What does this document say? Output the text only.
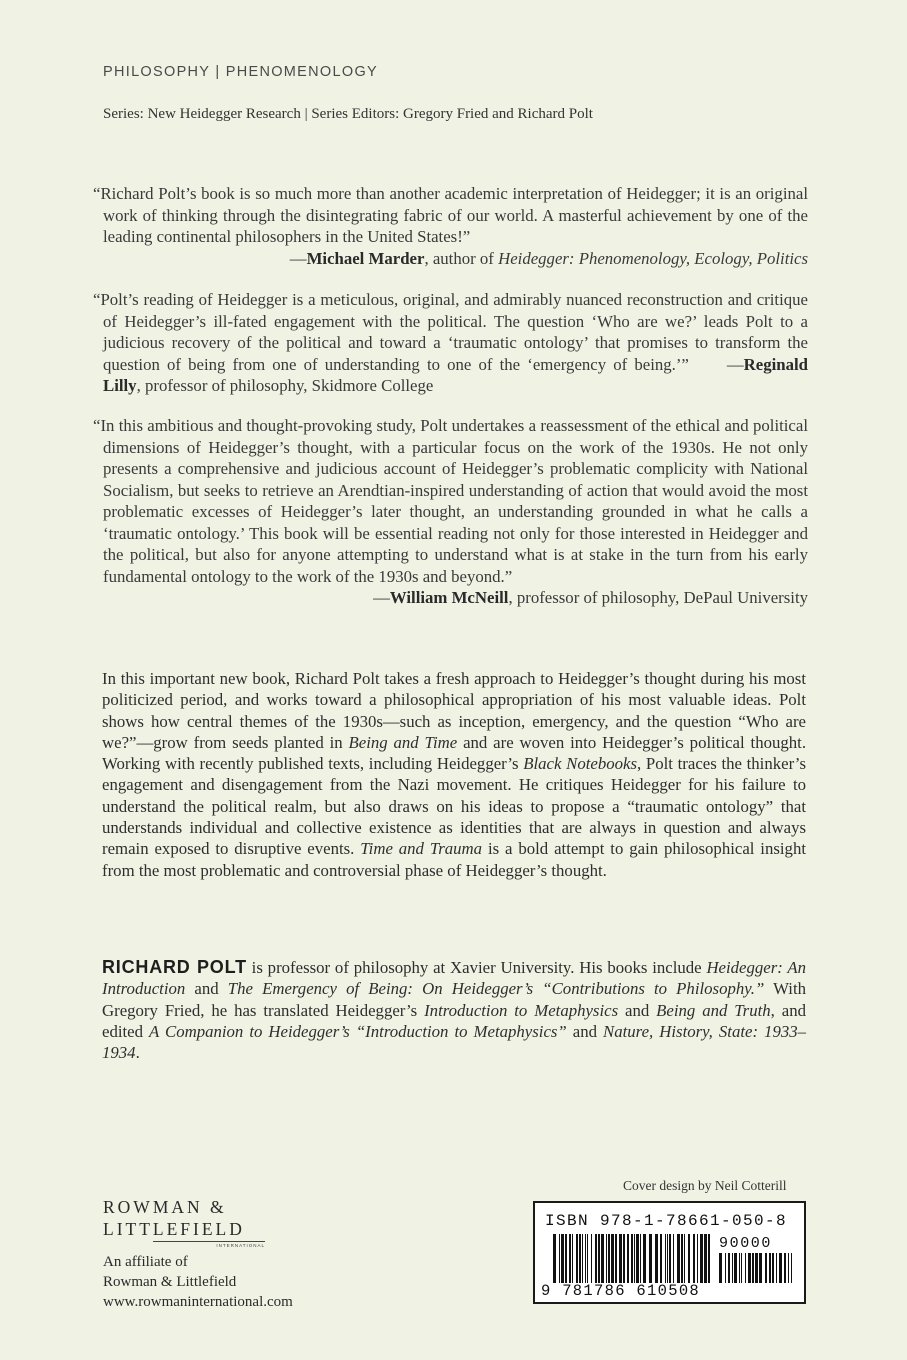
PHILOSOPHY | PHENOMENOLOGY
Series: New Heidegger Research | Series Editors: Gregory Fried and Richard Polt

“Richard Polt’s book is so much more than another academic interpretation of Heidegger; it is an original work of thinking through the disintegrating fabric of our world. A masterful achievement by one of the leading continental philosophers in the United States!”

—Michael Marder, author of Heidegger: Phenomenology, Ecology, Politics

“Polt’s reading of Heidegger is a meticulous, original, and admirably nuanced reconstruction and critique of Heidegger’s ill-fated engagement with the political. The question ‘Who are we?’ leads Polt to a judicious recovery of the political and toward a ‘traumatic ontology’ that promises to transform the question of being from one of understanding to one of the ‘emergency of being.’” —Reginald Lilly, professor of philosophy, Skidmore College

“In this ambitious and thought-provoking study, Polt undertakes a reassessment of the ethical and political dimensions of Heidegger’s thought, with a particular focus on the work of the 1930s. He not only presents a comprehensive and judicious account of Heidegger’s problematic complicity with National Socialism, but seeks to retrieve an Arendtian-inspired understanding of action that would avoid the most problematic excesses of Heidegger’s later thought, an understanding grounded in what he calls a ‘traumatic ontology.’ This book will be essential reading not only for those interested in Heidegger and the political, but also for anyone attempting to understand what is at stake in the turn from his early fundamental ontology to the work of the 1930s and beyond.”

—William McNeill, professor of philosophy, DePaul University

In this important new book, Richard Polt takes a fresh approach to Heidegger’s thought during his most politicized period, and works toward a philosophical appropriation of his most valuable ideas. Polt shows how central themes of the 1930s—such as inception, emergency, and the question “Who are we?”—grow from seeds planted in Being and Time and are woven into Heidegger’s political thought. Working with recently published texts, including Heidegger’s Black Notebooks, Polt traces the thinker’s engagement and disengagement from the Nazi movement. He critiques Heidegger for his failure to understand the political realm, but also draws on his ideas to propose a “traumatic ontology” that understands individual and collective existence as identities that are always in question and always remain exposed to disruptive events. Time and Trauma is a bold attempt to gain philosophical insight from the most problematic and controversial phase of Heidegger’s thought.
RICHARD POLT is professor of philosophy at Xavier University. His books include Heidegger: An Introduction and The Emergency of Being: On Heidegger’s “Contributions to Philosophy.” With Gregory Fried, he has translated Heidegger’s Introduction to Metaphysics and Being and Truth, and edited A Companion to Heidegger’s “Introduction to Metaphysics” and Nature, History, State: 1933–1934.
ROWMAN &
LITTLEFIELD
INTERNATIONAL
An affiliate of
Rowman & Littlefield
www.rowmaninternational.com
Cover design by Neil Cotterill
ISBN 978-1-78661-050-8
90000
9 781786 610508
